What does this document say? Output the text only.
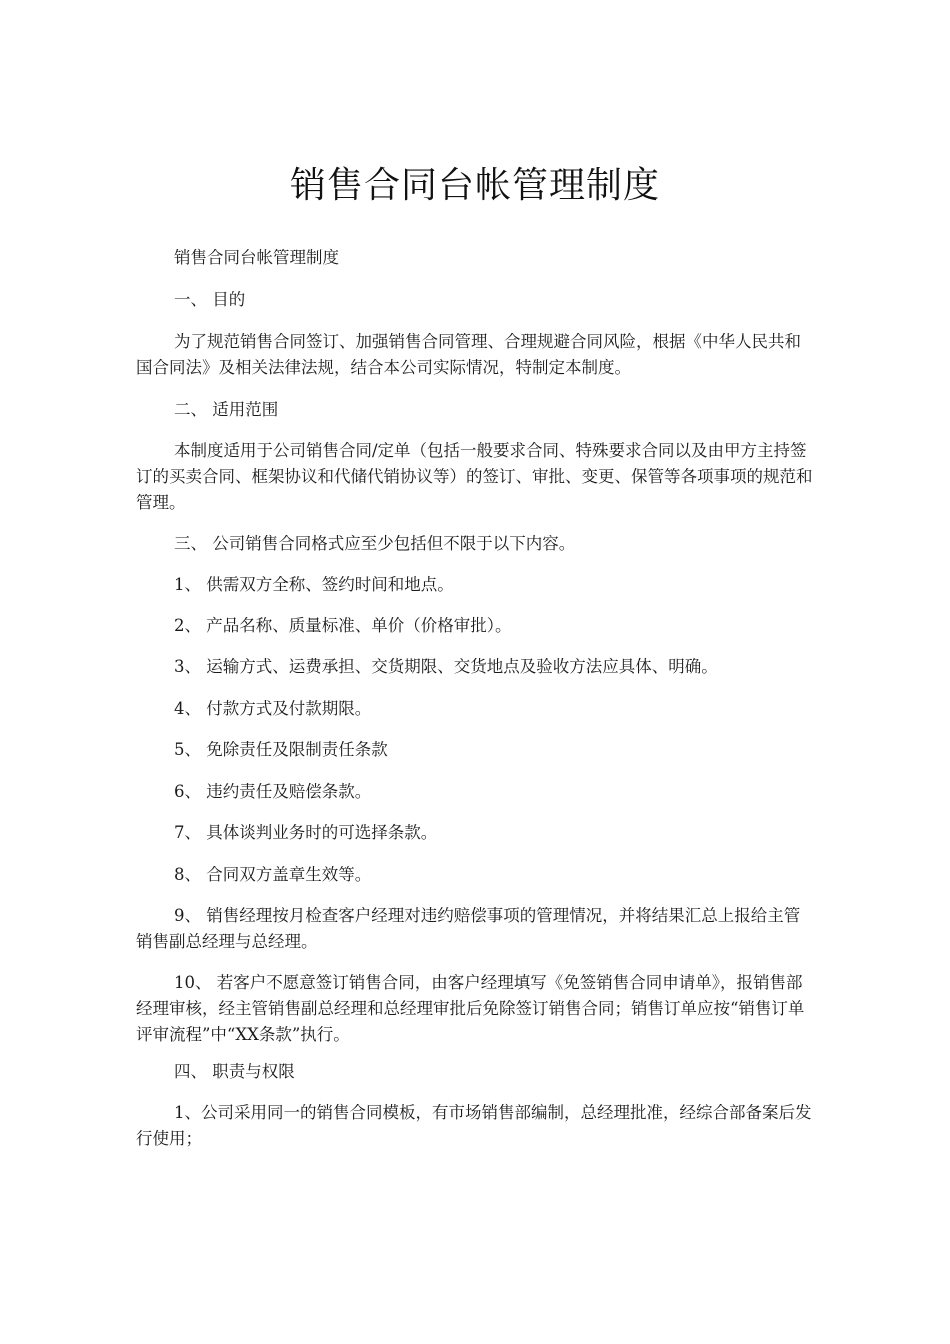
销售合同台帐管理制度

销售合同台帐管理制度

一、 目的

为了规范销售合同签订、加强销售合同管理、合理规避合同风险，根据《中华人民共和国合同法》及相关法律法规，结合本公司实际情况，特制定本制度。

二、 适用范围

本制度适用于公司销售合同/定单（包括一般要求合同、特殊要求合同以及由甲方主持签订的买卖合同、框架协议和代储代销协议等）的签订、审批、变更、保管等各项事项的规范和管理。

三、 公司销售合同格式应至少包括但不限于以下内容。

1、 供需双方全称、签约时间和地点。

2、 产品名称、质量标准、单价（价格审批）。

3、 运输方式、运费承担、交货期限、交货地点及验收方法应具体、明确。

4、 付款方式及付款期限。

5、 免除责任及限制责任条款

6、 违约责任及赔偿条款。

7、 具体谈判业务时的可选择条款。

8、 合同双方盖章生效等。

9、 销售经理按月检查客户经理对违约赔偿事项的管理情况，并将结果汇总上报给主管销售副总经理与总经理。

10、 若客户不愿意签订销售合同，由客户经理填写《免签销售合同申请单》，报销售部经理审核，经主管销售副总经理和总经理审批后免除签订销售合同；销售订单应按“销售订单评审流程”中“XX条款”执行。

四、 职责与权限

1、公司采用同一的销售合同模板，有市场销售部编制，总经理批准，经综合部备案后发行使用；
